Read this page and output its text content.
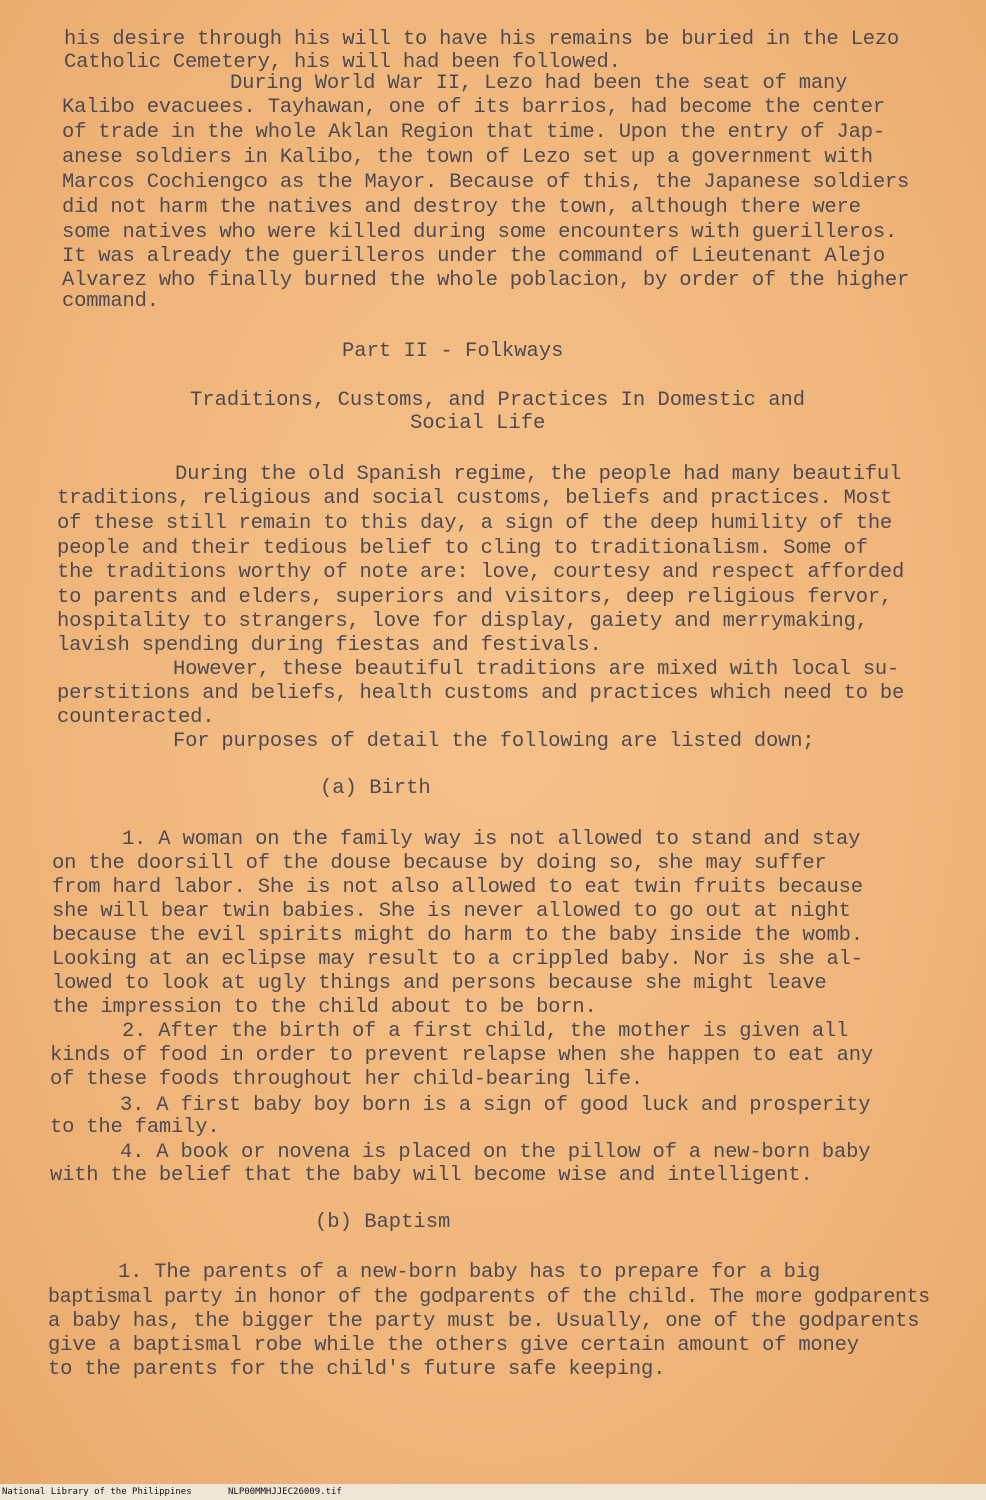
his desire through his will to have his remains be buried in the Lezo
Catholic Cemetery, his will had been followed.
During World War II, Lezo had been the seat of many
Kalibo evacuees. Tayhawan, one of its barrios, had become the center
of trade in the whole Aklan Region that time. Upon the entry of Jap-
anese soldiers in Kalibo, the town of Lezo set up a government with
Marcos Cochiengco as the Mayor. Because of this, the Japanese soldiers
did not harm the natives and destroy the town, although there were
some natives who were killed during some encounters with guerilleros.
It was already the guerilleros under the command of Lieutenant Alejo
Alvarez who finally burned the whole poblacion, by order of the higher
command.
Part II - Folkways
Traditions, Customs, and Practices In Domestic and
Social Life
During the old Spanish regime, the people had many beautiful
traditions, religious and social customs, beliefs and practices. Most
of these still remain to this day, a sign of the deep humility of the
people and their tedious belief to cling to traditionalism. Some of
the traditions worthy of note are: love, courtesy and respect afforded
to parents and elders, superiors and visitors, deep religious fervor,
hospitality to strangers, love for display, gaiety and merrymaking,
lavish spending during fiestas and festivals.
However, these beautiful traditions are mixed with local su-
perstitions and beliefs, health customs and practices which need to be
counteracted.
For purposes of detail the following are listed down;
(a) Birth
1. A woman on the family way is not allowed to stand and stay
on the doorsill of the douse because by doing so, she may suffer
from hard labor. She is not also allowed to eat twin fruits because
she will bear twin babies. She is never allowed to go out at night
because the evil spirits might do harm to the baby inside the womb.
Looking at an eclipse may result to a crippled baby. Nor is she al-
lowed to look at ugly things and persons because she might leave
the impression to the child about to be born.
2. After the birth of a first child, the mother is given all
kinds of food in order to prevent relapse when she happen to eat any
of these foods throughout her child-bearing life.
3. A first baby boy born is a sign of good luck and prosperity
to the family.
4. A book or novena is placed on the pillow of a new-born baby
with the belief that the baby will become wise and intelligent.
(b) Baptism
1. The parents of a new-born baby has to prepare for a big
baptismal party in honor of the godparents of the child. The more godparents
a baby has, the bigger the party must be. Usually, one of the godparents
give a baptismal robe while the others give certain amount of money
to the parents for the child's future safe keeping.
National Library of the Philippines	NLP00MMHJJEC26009.tif
